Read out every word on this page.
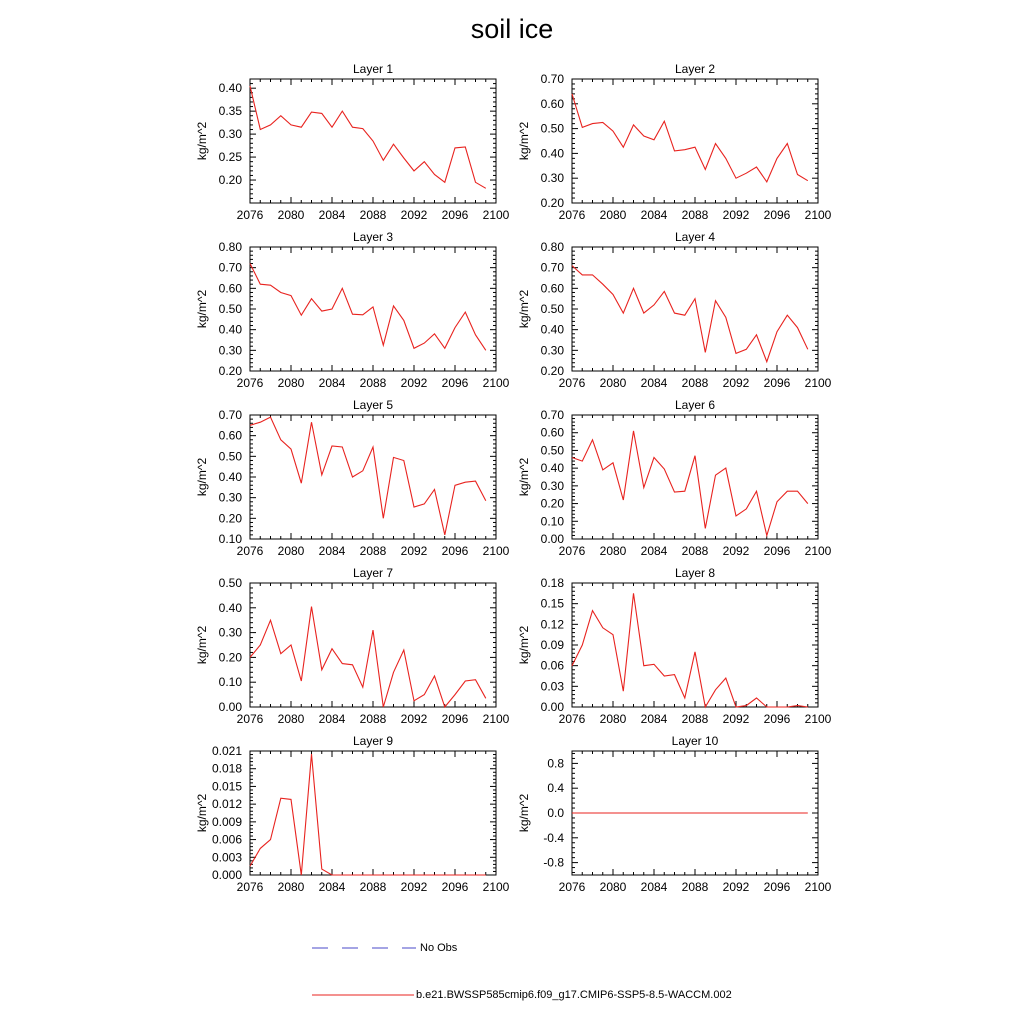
soil ice
Layer 1
kg/m^2
2076 2080 2084 2088 2092 2096 2100
0.20
0.25
0.30
0.35
0.40
Layer 2
kg/m^2
2076 2080 2084 2088 2092 2096 2100
0.20
0.30
0.40
0.50
0.60
0.70
Layer 3
kg/m^2
2076 2080 2084 2088 2092 2096 2100
0.20
0.30
0.40
0.50
0.60
0.70
0.80
Layer 4
kg/m^2
2076 2080 2084 2088 2092 2096 2100
0.20
0.30
0.40
0.50
0.60
0.70
0.80
Layer 5
kg/m^2
2076 2080 2084 2088 2092 2096 2100
0.10
0.20
0.30
0.40
0.50
0.60
0.70
Layer 6
kg/m^2
2076 2080 2084 2088 2092 2096 2100
0.00
0.10
0.20
0.30
0.40
0.50
0.60
0.70
Layer 7
kg/m^2
2076 2080 2084 2088 2092 2096 2100
0.00
0.10
0.20
0.30
0.40
0.50
Layer 8
kg/m^2
2076 2080 2084 2088 2092 2096 2100
0.00
0.03
0.06
0.09
0.12
0.15
0.18
Layer 9
kg/m^2
2076 2080 2084 2088 2092 2096 2100
0.000
0.003
0.006
0.009
0.012
0.015
0.018
0.021
Layer 10
kg/m^2
2076 2080 2084 2088 2092 2096 2100
-0.8
-0.4
0.0
0.4
0.8
No Obs
b.e21.BWSSP585cmip6.f09_g17.CMIP6-SSP5-8.5-WACCM.002
